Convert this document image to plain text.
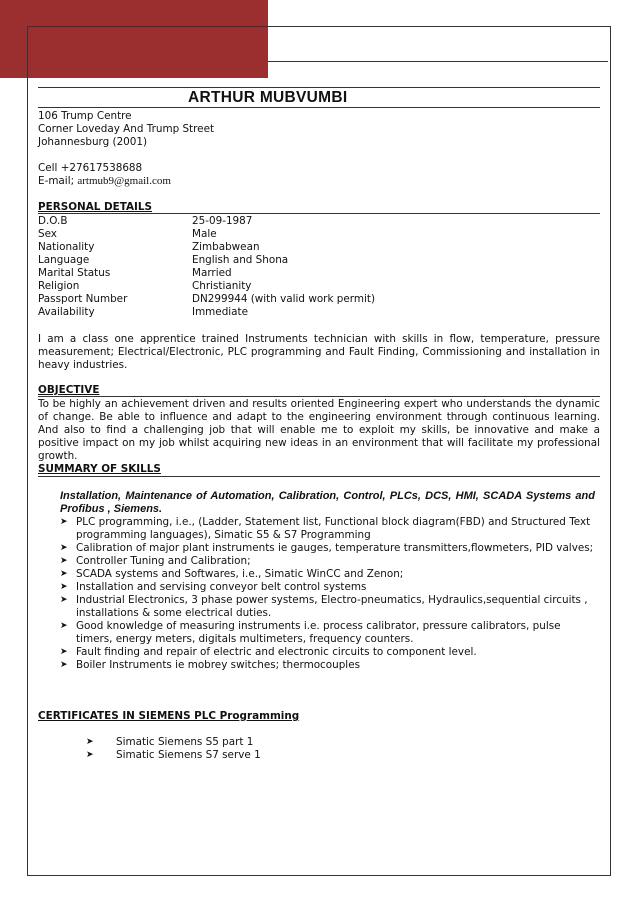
ARTHUR MUBVUMBI
106 Trump Centre
Corner Loveday And Trump Street
Johannesburg (2001)
Cell +27617538688
E-mail; artmub9@gmail.com
PERSONAL DETAILS
D.O.B	25-09-1987
Sex	Male
Nationality	Zimbabwean
Language	English and Shona
Marital Status	Married
Religion	Christianity
Passport Number	DN299944 (with valid work permit)
Availability	Immediate
I am a class one apprentice trained Instruments technician with skills in flow, temperature, pressure measurement; Electrical/Electronic, PLC programming and Fault Finding, Commissioning and installation in heavy industries.
OBJECTIVE
To be highly an achievement driven and results oriented Engineering expert who understands the dynamic of change. Be able to influence and adapt to the engineering environment through continuous learning. And also to find a challenging job that will enable me to exploit my skills, be innovative and make a positive impact on my job whilst acquiring new ideas in an environment that will facilitate my professional growth.
SUMMARY OF SKILLS
Installation, Maintenance of Automation, Calibration, Control, PLCs, DCS, HMI, SCADA Systems and Profibus , Siemens.
➤ PLC programming, i.e., (Ladder, Statement list, Functional block diagram(FBD) and Structured Text programming languages), Simatic S5 & S7 Programming
➤ Calibration of major plant instruments ie gauges, temperature transmitters,flowmeters, PID valves;
➤ Controller Tuning and Calibration;
➤ SCADA systems and Softwares, i.e., Simatic WinCC and Zenon;
➤ Installation and servising conveyor belt control systems
➤ Industrial Electronics, 3 phase power systems, Electro-pneumatics, Hydraulics,sequential circuits , installations & some electrical duties.
➤ Good knowledge of measuring instruments i.e. process calibrator, pressure calibrators, pulse timers, energy meters, digitals multimeters, frequency counters.
➤ Fault finding and repair of electric and electronic circuits to component level.
➤ Boiler Instruments ie mobrey switches; thermocouples
CERTIFICATES IN SIEMENS PLC Programming
➤	Simatic Siemens S5 part 1
➤	Simatic Siemens S7 serve 1
